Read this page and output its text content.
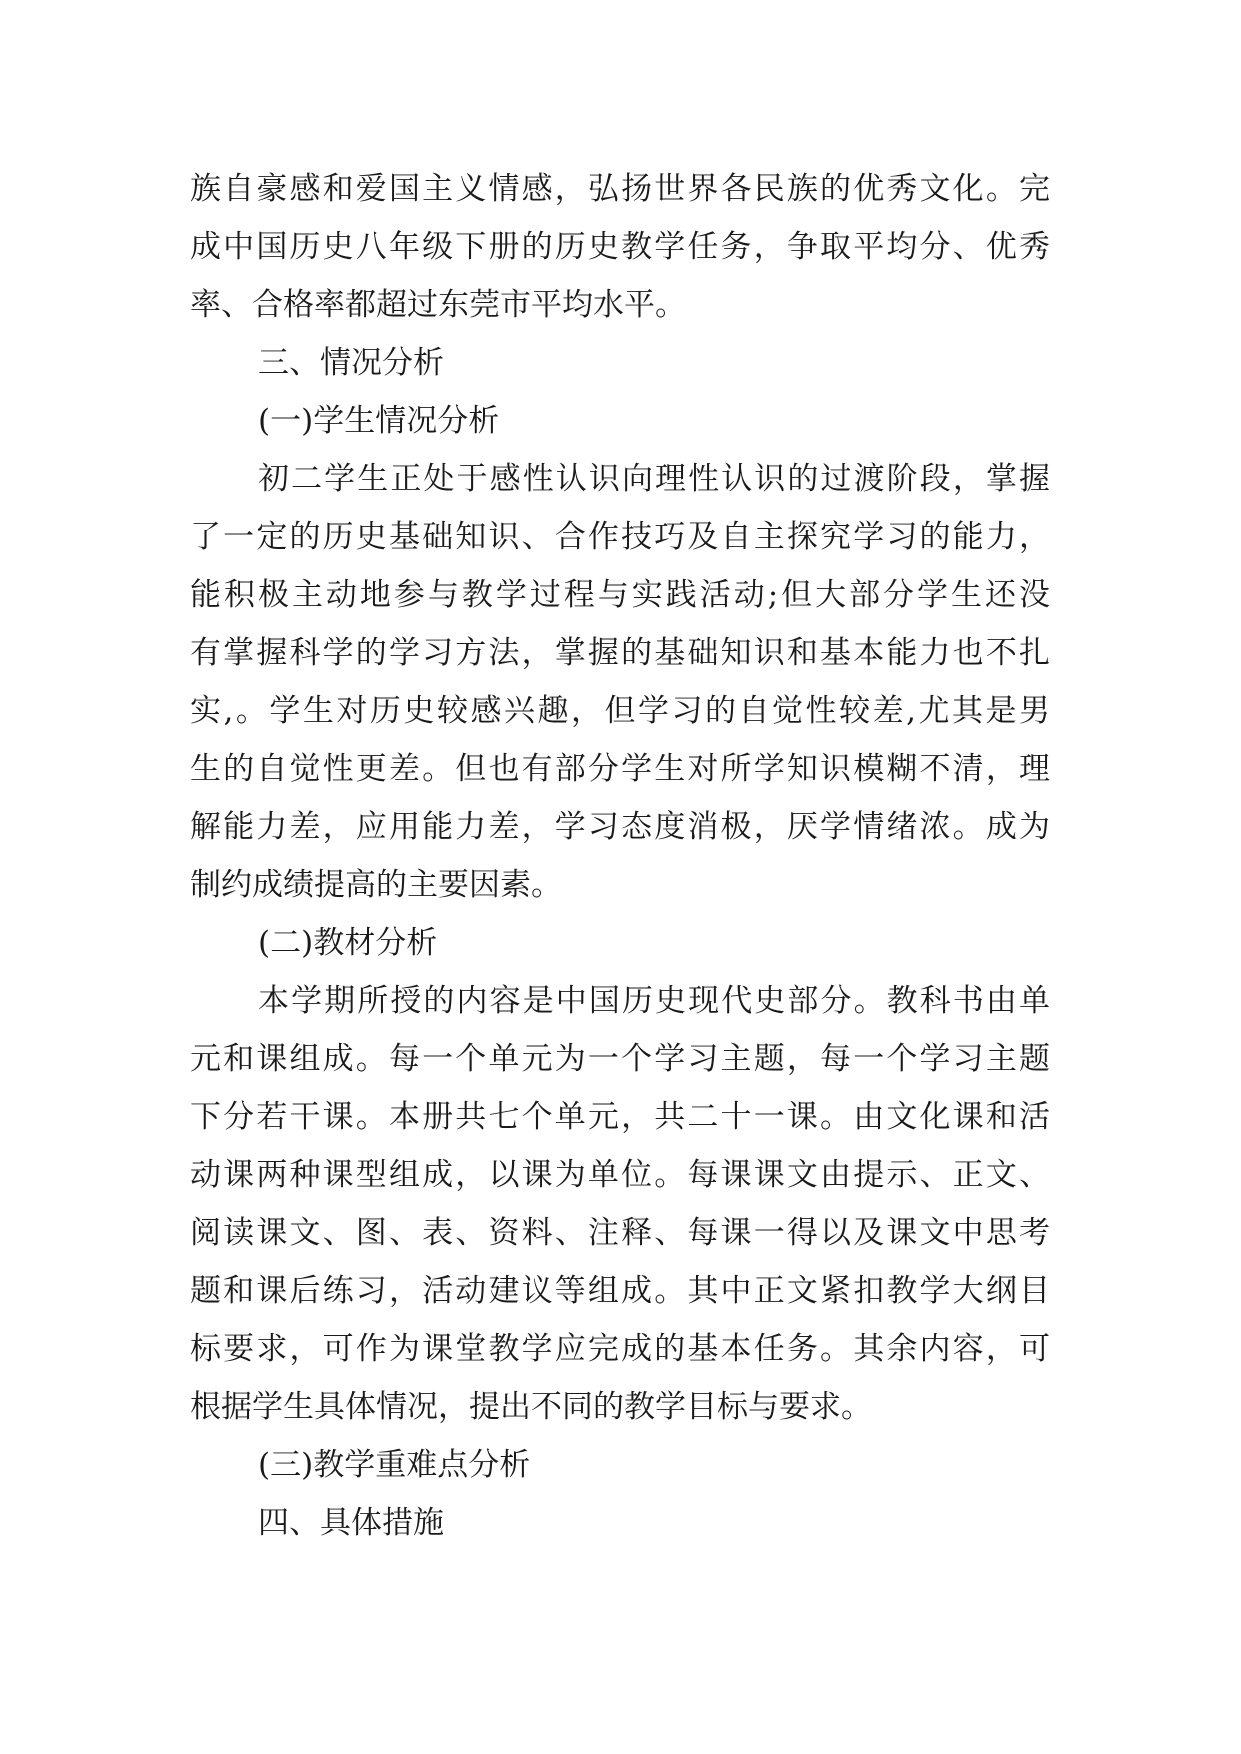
族自豪感和爱国主义情感，弘扬世界各民族的优秀文化。完
成中国历史八年级下册的历史教学任务，争取平均分、优秀
率、合格率都超过东莞市平均水平。
三、情况分析
(一)学生情况分析
初二学生正处于感性认识向理性认识的过渡阶段，掌握
了一定的历史基础知识、合作技巧及自主探究学习的能力，
能积极主动地参与教学过程与实践活动;但大部分学生还没
有掌握科学的学习方法，掌握的基础知识和基本能力也不扎
实,。学生对历史较感兴趣，但学习的自觉性较差,尤其是男
生的自觉性更差。但也有部分学生对所学知识模糊不清，理
解能力差，应用能力差，学习态度消极，厌学情绪浓。成为
制约成绩提高的主要因素。
(二)教材分析
本学期所授的内容是中国历史现代史部分。教科书由单
元和课组成。每一个单元为一个学习主题，每一个学习主题
下分若干课。本册共七个单元，共二十一课。由文化课和活
动课两种课型组成，以课为单位。每课课文由提示、正文、
阅读课文、图、表、资料、注释、每课一得以及课文中思考
题和课后练习，活动建议等组成。其中正文紧扣教学大纲目
标要求，可作为课堂教学应完成的基本任务。其余内容，可
根据学生具体情况，提出不同的教学目标与要求。
(三)教学重难点分析
四、具体措施
